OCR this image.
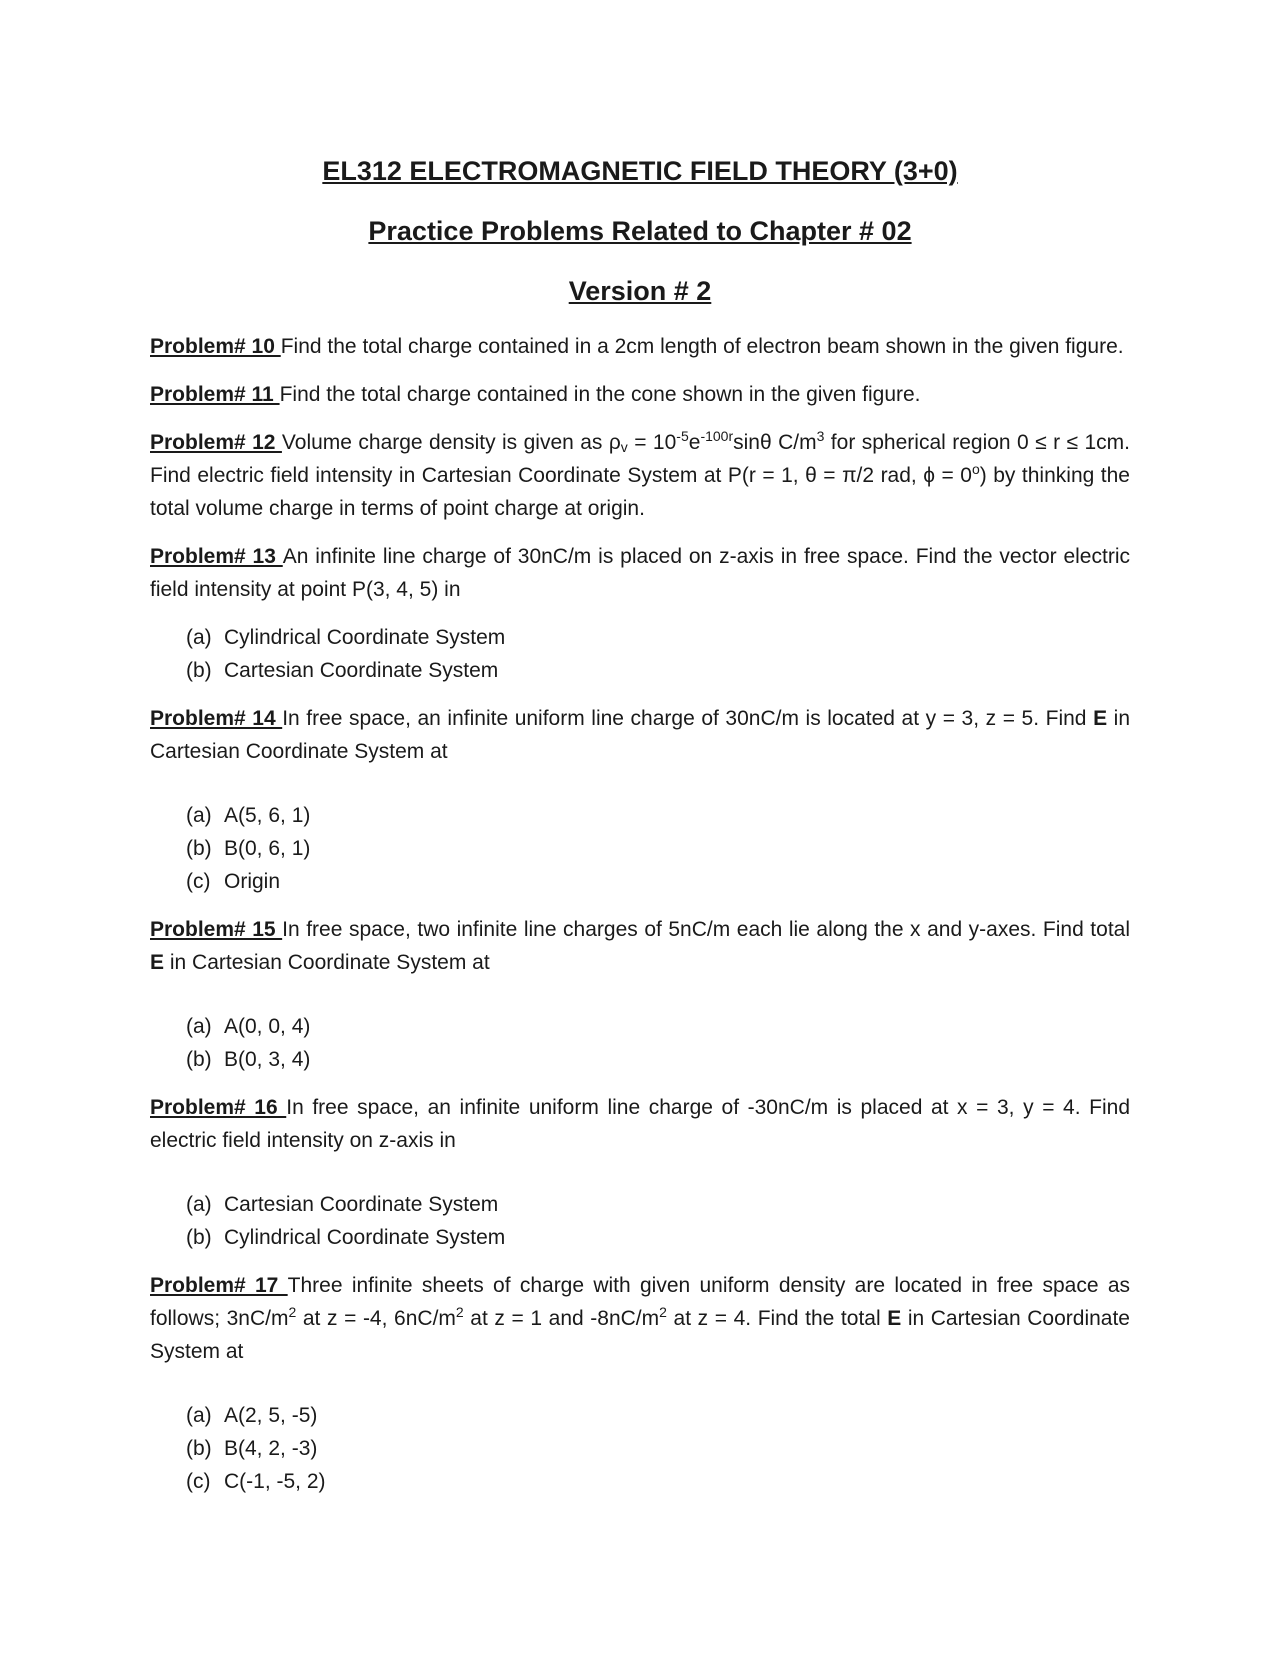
EL312 ELECTROMAGNETIC FIELD THEORY (3+0)
Practice Problems Related to Chapter # 02
Version # 2

Problem# 10 Find the total charge contained in a 2cm length of electron beam shown in the given figure.

Problem# 11 Find the total charge contained in the cone shown in the given figure.

Problem# 12 Volume charge density is given as $\rho_v = 10^{-5}e^{-100r}\sin\theta$ $C/m^3$ for spherical region 0 ≤ r ≤ 1cm. Find electric field intensity in Cartesian Coordinate System at P(r = 1, θ = π/2 rad, $\phi = 0^o$) by thinking the total volume charge in terms of point charge at origin.

Problem# 13 An infinite line charge of 30nC/m is placed on z-axis in free space. Find the vector electric field intensity at point P(3, 4, 5) in

(a) Cylindrical Coordinate System
(b) Cartesian Coordinate System

Problem# 14 In free space, an infinite uniform line charge of 30nC/m is located at y = 3, z = 5. Find E in Cartesian Coordinate System at

(a) A(5, 6, 1)
(b) B(0, 6, 1)
(c) Origin

Problem# 15 In free space, two infinite line charges of 5nC/m each lie along the x and y-axes. Find total E in Cartesian Coordinate System at

(a) A(0, 0, 4)
(b) B(0, 3, 4)

Problem# 16 In free space, an infinite uniform line charge of -30nC/m is placed at x = 3, y = 4. Find electric field intensity on z-axis in

(a) Cartesian Coordinate System
(b) Cylindrical Coordinate System

Problem# 17 Three infinite sheets of charge with given uniform density are located in free space as follows; $3nC/m^2$ at z = -4, $6nC/m^2$ at z = 1 and $-8nC/m^2$ at z = 4. Find the total E in Cartesian Coordinate System at

(a) A(2, 5, -5)
(b) B(4, 2, -3)
(c) C(-1, -5, 2)
